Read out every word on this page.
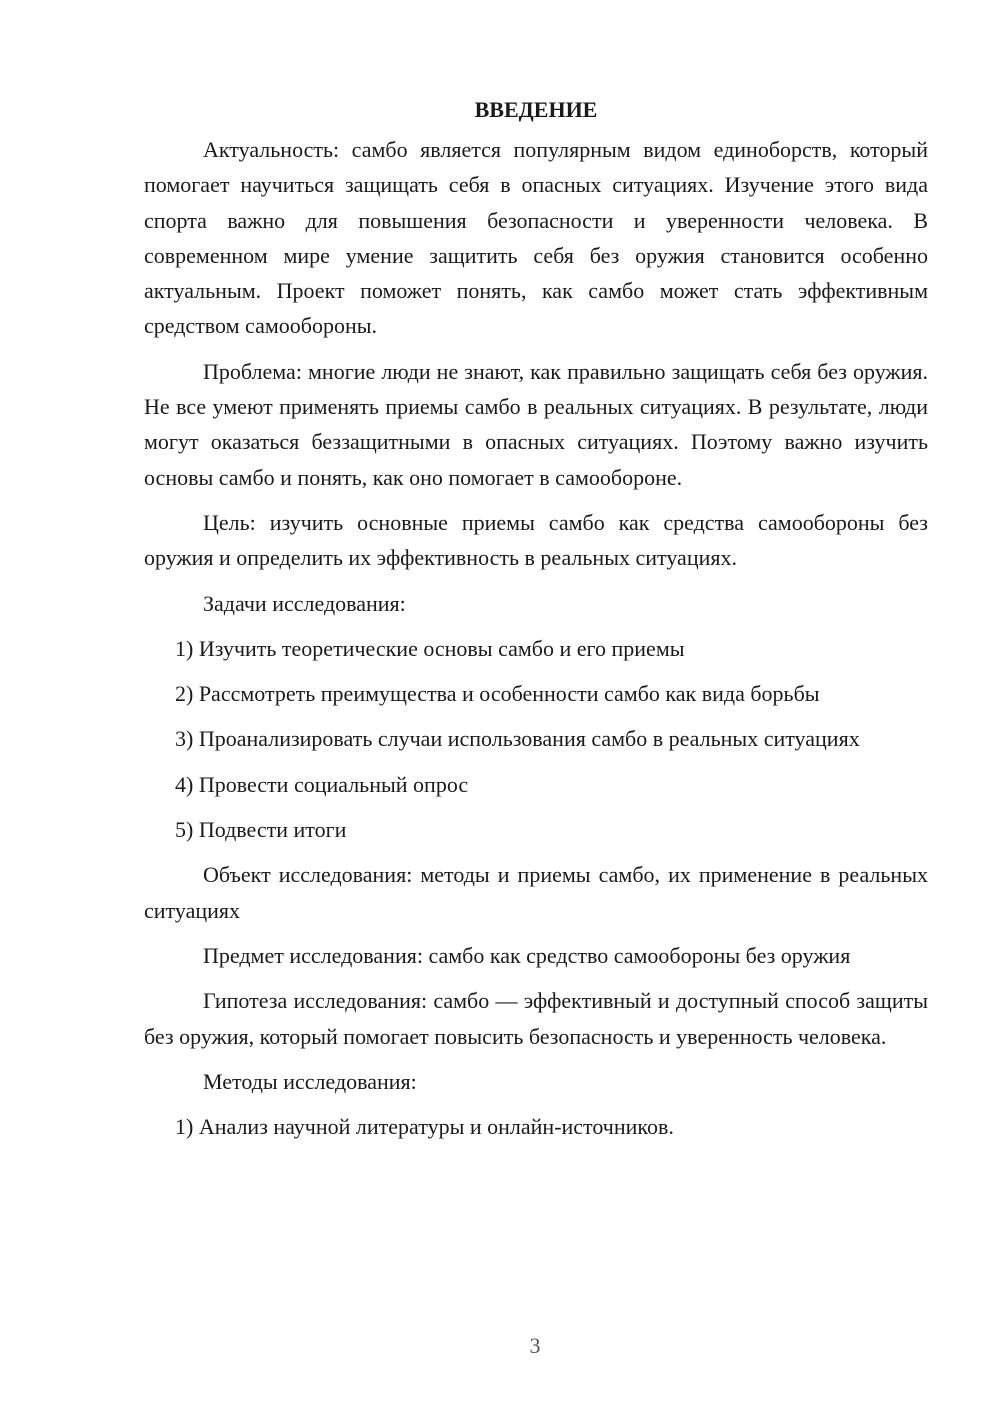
ВВЕДЕНИЕ

Актуальность: самбо является популярным видом единоборств, который помогает научиться защищать себя в опасных ситуациях. Изучение этого вида спорта важно для повышения безопасности и уверенности человека. В современном мире умение защитить себя без оружия становится особенно актуальным. Проект поможет понять, как самбо может стать эффективным средством самообороны.

Проблема: многие люди не знают, как правильно защищать себя без оружия. Не все умеют применять приемы самбо в реальных ситуациях. В результате, люди могут оказаться беззащитными в опасных ситуациях. Поэтому важно изучить основы самбо и понять, как оно помогает в самообороне.

Цель: изучить основные приемы самбо как средства самообороны без оружия и определить их эффективность в реальных ситуациях.

Задачи исследования:

1) Изучить теоретические основы самбо и его приемы

2) Рассмотреть преимущества и особенности самбо как вида борьбы

3) Проанализировать случаи использования самбо в реальных ситуациях

4) Провести социальный опрос

5) Подвести итоги

Объект исследования: методы и приемы самбо, их применение в реальных ситуациях

Предмет исследования: самбо как средство самообороны без оружия

Гипотеза исследования: самбо — эффективный и доступный способ защиты без оружия, который помогает повысить безопасность и уверенность человека.

Методы исследования:

1) Анализ научной литературы и онлайн-источников.

3
